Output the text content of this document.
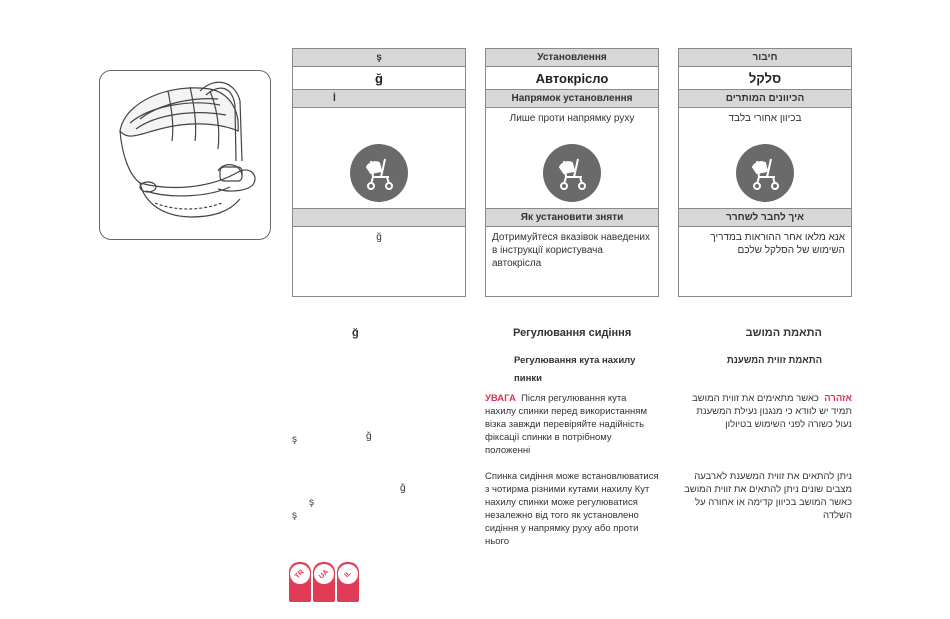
ş
ğ
İ
ğ
Установлення
Автокрісло
Напрямок установлення
Лише проти напрямку руху
Як установити зняти
Дотримуйтеся вказівок наведених в інструкції користувача автокрісла
חיבור
סלקל
הכיוונים המותרים
בכיוון אחורי בלבד
איך לחבר לשחרר
אנא מלאו אחר ההוראות במדריך השימוש של הסלקל שלכם
ğ
ş	ğ
ğ
ş
ş
Регулювання сидіння
Регулювання кута нахилу пинки
УВАГА Після регулювання кута нахилу спинки перед використанням візка завжди перевіряйте надійність фіксації спинки в потрібному положенні
Спинка сидіння може встановлюватися з чотирма різними кутами нахилу Кут нахилу спинки може регулюватися незалежно від того як установлено сидіння у напрямку руху або проти нього
התאמת המושב
התאמת זווית המשענת
אזהרה  כאשר מתאימים את זווית המושב תמיד יש לוודא כי מנגנון נעילת המשענת נעול כשורה לפני השימוש בטיולון
ניתן להתאים את זווית המשענת לארבעה מצבים שונים ניתן להתאים את זווית המושב כאשר המושב בכיוון קדימה או אחורה על השלדה
TR UA IL
